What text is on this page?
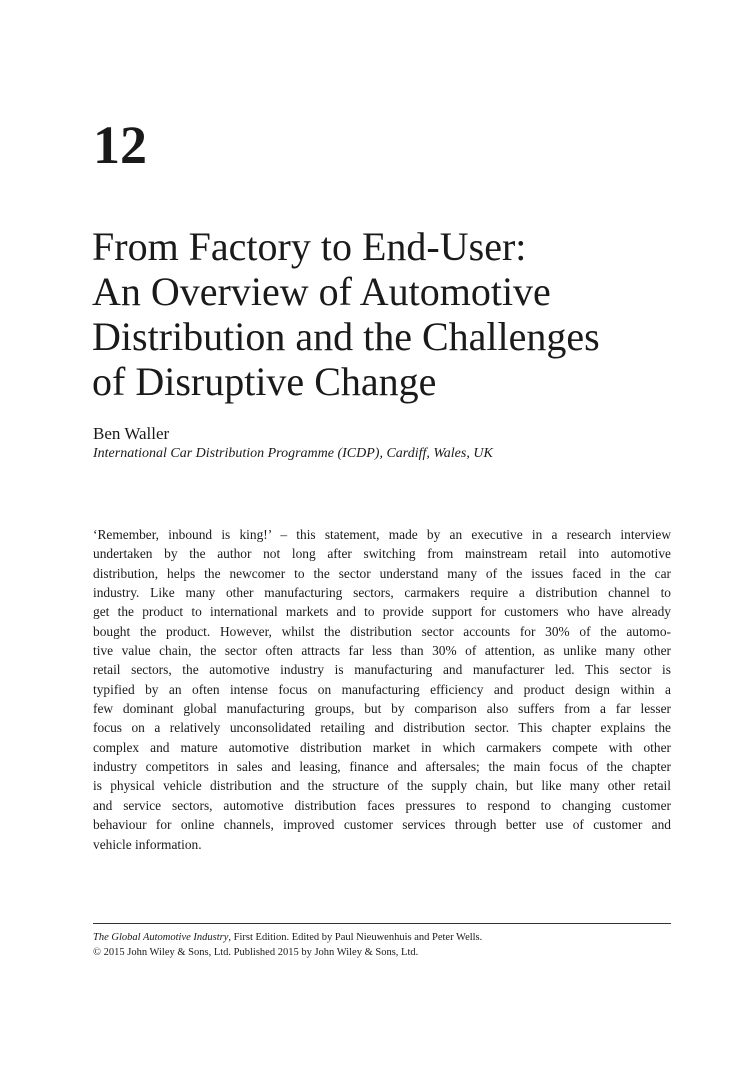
12
From Factory to End-User:
An Overview of Automotive
Distribution and the Challenges
of Disruptive Change

Ben Waller

International Car Distribution Programme (ICDP), Cardiff, Wales, UK

‘Remember, inbound is king!’ – this statement, made by an executive in a research interview
undertaken by the author not long after switching from mainstream retail into automotive
distribution, helps the newcomer to the sector understand many of the issues faced in the car
industry. Like many other manufacturing sectors, carmakers require a distribution channel to
get the product to international markets and to provide support for customers who have already
bought the product. However, whilst the distribution sector accounts for 30% of the automo-
tive value chain, the sector often attracts far less than 30% of attention, as unlike many other
retail sectors, the automotive industry is manufacturing and manufacturer led. This sector is
typified by an often intense focus on manufacturing efficiency and product design within a
few dominant global manufacturing groups, but by comparison also suffers from a far lesser
focus on a relatively unconsolidated retailing and distribution sector. This chapter explains the
complex and mature automotive distribution market in which carmakers compete with other
industry competitors in sales and leasing, finance and aftersales; the main focus of the chapter
is physical vehicle distribution and the structure of the supply chain, but like many other retail
and service sectors, automotive distribution faces pressures to respond to changing customer
behaviour for online channels, improved customer services through better use of customer and
vehicle information.
The Global Automotive Industry, First Edition. Edited by Paul Nieuwenhuis and Peter Wells.
© 2015 John Wiley & Sons, Ltd. Published 2015 by John Wiley & Sons, Ltd.
